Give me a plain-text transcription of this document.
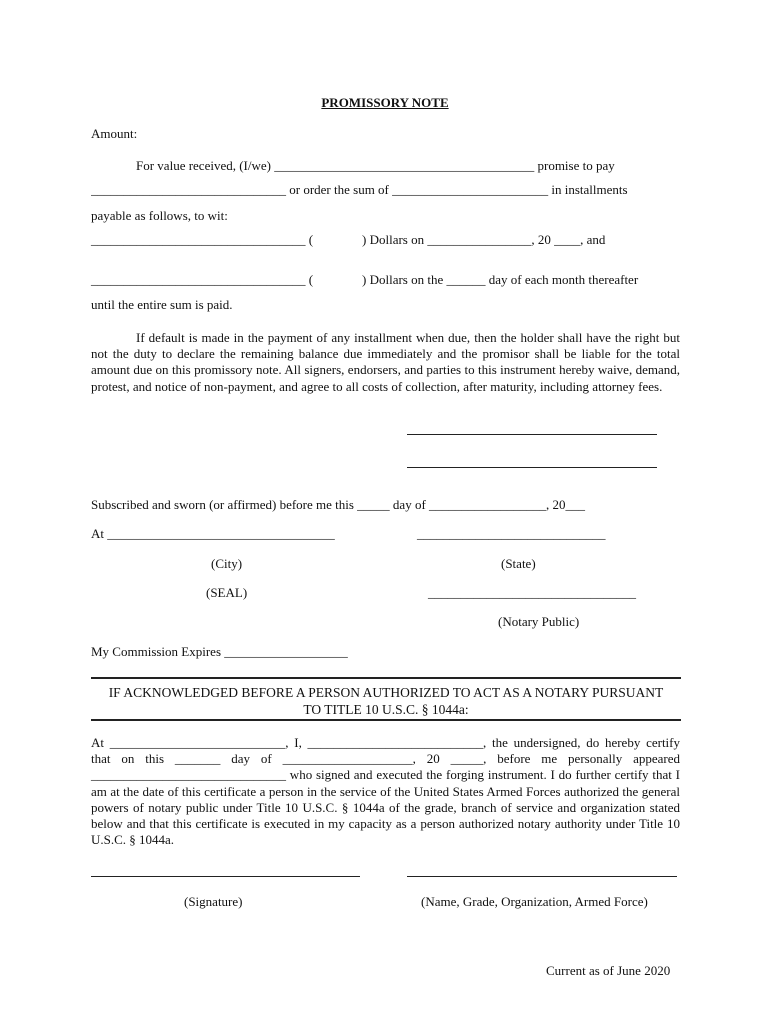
PROMISSORY NOTE
Amount:
For value received, (I/we) ________________________________________ promise to pay
______________________________ or order the sum of ________________________ in installments
payable as follows, to wit:
_________________________________ (	) Dollars on ________________, 20 ____, and
_________________________________ (	) Dollars on the ______ day of each month thereafter
until the entire sum is paid.
If default is made in the payment of any installment when due, then the holder shall have the right but not the duty to declare the remaining balance due immediately and the promisor shall be liable for the total amount due on this promissory note. All signers, endorsers, and parties to this instrument hereby waive, demand, protest, and notice of non-payment, and agree to all costs of collection, after maturity, including attorney fees.
Subscribed and sworn (or affirmed) before me this _____ day of __________________, 20___
At ___________________________________	_____________________________
(City)	(State)
(SEAL)	________________________________
(Notary Public)
My Commission Expires ___________________
IF ACKNOWLEDGED BEFORE A PERSON AUTHORIZED TO ACT AS A NOTARY PURSUANT
TO TITLE 10 U.S.C. § 1044a:
At ___________________________, I, ___________________________, the undersigned, do hereby certify that on this _______ day of ____________________, 20 _____, before me personally appeared ______________________________ who signed and executed the forging instrument. I do further certify that I am at the date of this certificate a person in the service of the United States Armed Forces authorized the general powers of notary public under Title 10 U.S.C. § 1044a of the grade, branch of service and organization stated below and that this certificate is executed in my capacity as a person authorized notary authority under Title 10 U.S.C. § 1044a.
(Signature)	(Name, Grade, Organization, Armed Force)
Current as of June 2020
